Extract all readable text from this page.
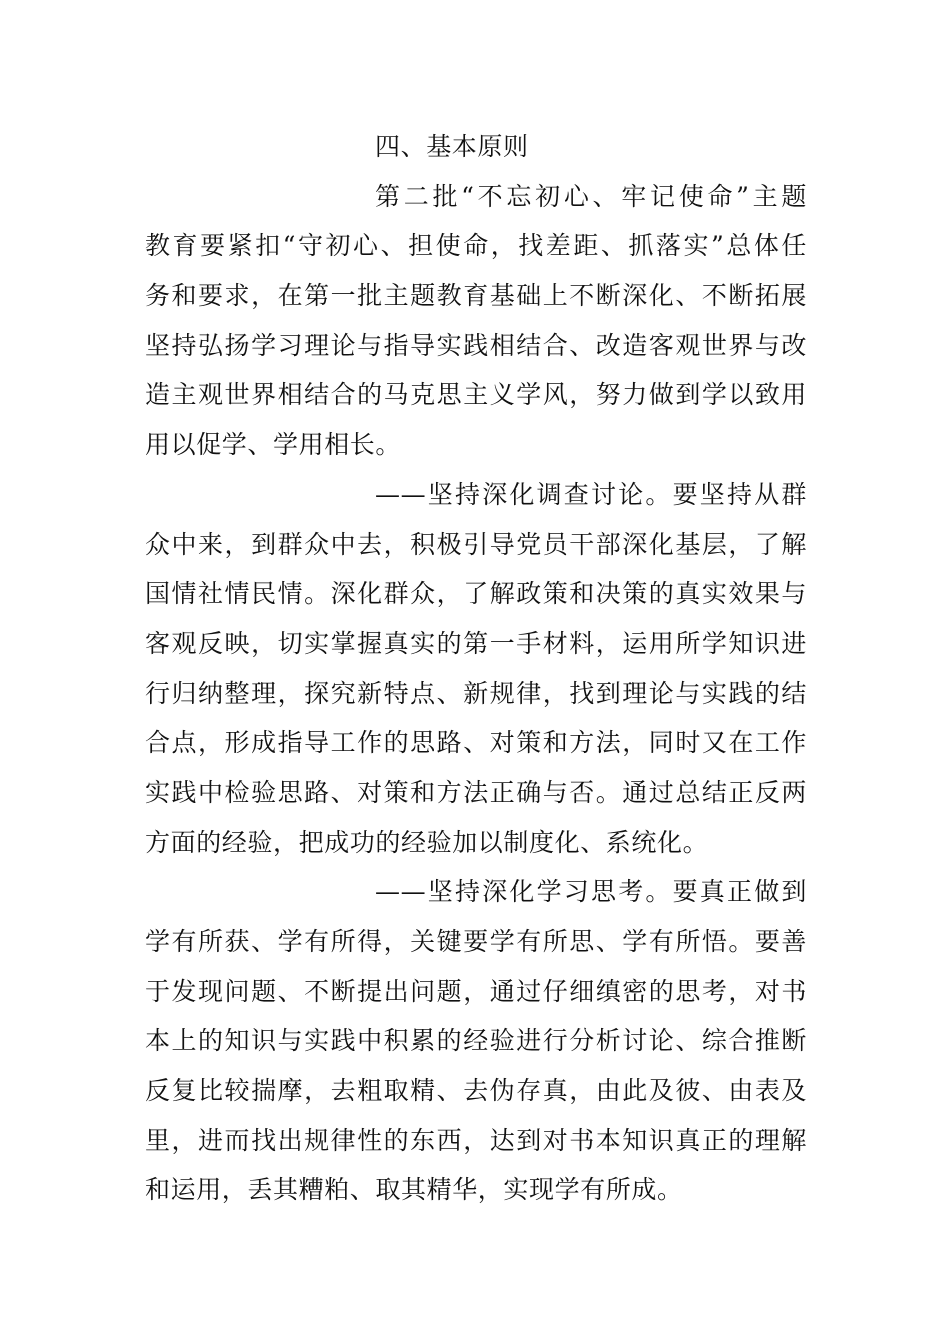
四、基本原则
第二批“不忘初心、牢记使命”主题
教育要紧扣“守初心、担使命，找差距、抓落实”总体任
务和要求，在第一批主题教育基础上不断深化、不断拓展
坚持弘扬学习理论与指导实践相结合、改造客观世界与改
造主观世界相结合的马克思主义学风，努力做到学以致用
用以促学、学用相长。
——坚持深化调查讨论。要坚持从群
众中来，到群众中去，积极引导党员干部深化基层，了解
国情社情民情。深化群众，了解政策和决策的真实效果与
客观反映，切实掌握真实的第一手材料，运用所学知识进
行归纳整理，探究新特点、新规律，找到理论与实践的结
合点，形成指导工作的思路、对策和方法，同时又在工作
实践中检验思路、对策和方法正确与否。通过总结正反两
方面的经验，把成功的经验加以制度化、系统化。
——坚持深化学习思考。要真正做到
学有所获、学有所得，关键要学有所思、学有所悟。要善
于发现问题、不断提出问题，通过仔细缜密的思考，对书
本上的知识与实践中积累的经验进行分析讨论、综合推断
反复比较揣摩，去粗取精、去伪存真，由此及彼、由表及
里，进而找出规律性的东西，达到对书本知识真正的理解
和运用，丢其糟粕、取其精华，实现学有所成。
